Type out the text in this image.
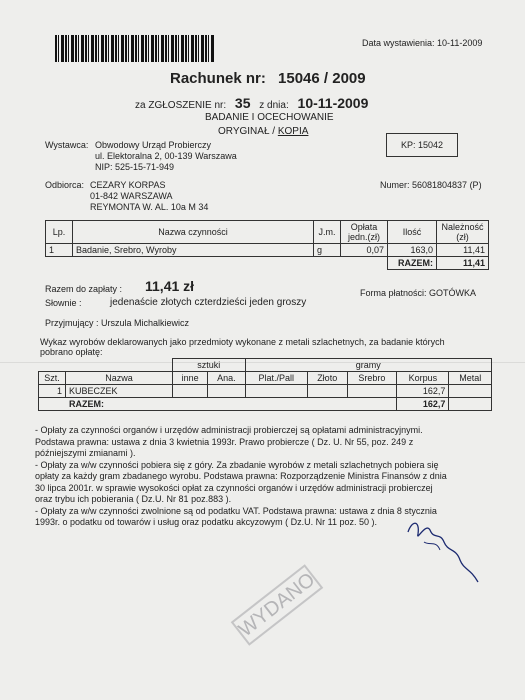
Data wystawienia: 10-11-2009
Rachunek nr: 15046 / 2009
za ZGŁOSZENIE nr: 35 z dnia: 10-11-2009
BADANIE I OCECHOWANIE
ORYGINAŁ / KOPIA
Wystawca: Obwodowy Urząd Probierczy
ul. Elektoralna 2, 00-139 Warszawa
NIP: 525-15-71-949
KP: 15042
Odbiorca: CEZARY KORPAS
01-842 WARSZAWA
REYMONTA W. AL. 10a M 34
Numer: 56081804837 (P)
Lp.	Nazwa czynności	J.m.	Opłata jedn.(zł)	Ilość	Należność (zł)
1	Badanie, Srebro, Wyroby	g	0,07	163,0	11,41
				RAZEM:	11,41
Razem do zapłaty : 11,41 zł	Forma płatności: GOTÓWKA
Słownie :	jedenaście złotych czterdzieści jeden groszy
Przyjmujący : Urszula Michalkiewicz
Wykaz wyrobów deklarowanych jako przedmioty wykonane z metali szlachetnych, za badanie których
pobrano opłatę:
		sztuki		gramy				
Szt.	Nazwa	inne	Ana.	Plat./Pall	Złoto	Srebro	Korpus	Metal
1	KUBECZEK						162,7	
RAZEM:							162,7	
- Opłaty za czynności organów i urzędów administracji probierczej są opłatami administracyjnymi.
Podstawa prawna: ustawa z dnia 3 kwietnia 1993r. Prawo probiercze ( Dz. U. Nr 55, poz. 249 z
późniejszymi zmianami ).
- Opłaty za w/w czynności pobiera się z góry. Za zbadanie wyrobów z metali szlachetnych pobiera się
opłaty za każdy gram zbadanego wyrobu. Podstawa prawna: Rozporządzenie Ministra Finansów z dnia
30 lipca 2001r. w sprawie wysokości opłat za czynności organów i urzędów administracji probierczej
oraz trybu ich pobierania ( Dz.U. Nr 81 poz.883 ).
- Opłaty za w/w czynności zwolnione są od podatku VAT. Podstawa prawna: ustawa z dnia 8 stycznia
1993r. o podatku od towarów i usług oraz podatku akcyzowym ( Dz.U. Nr 11 poz. 50 ).
WYDANO
